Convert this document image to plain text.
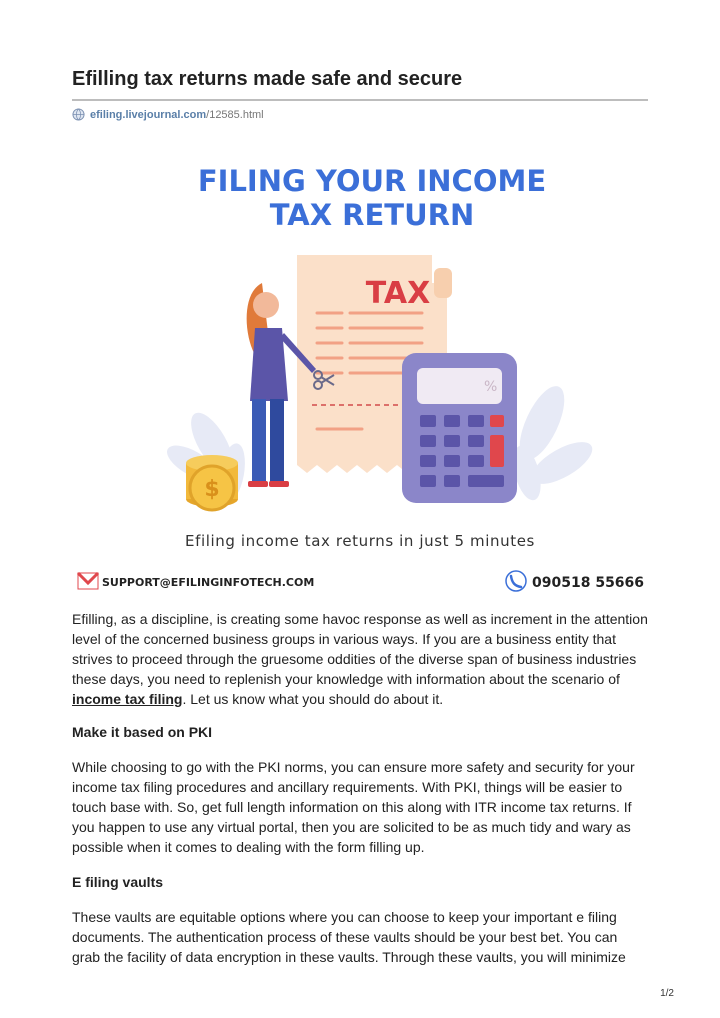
Efilling tax returns made safe and secure
efiling.livejournal.com /12585.html
FILING YOUR INCOME
TAX RETURN
TAX
%
$
Efiling income tax returns in just 5 minutes
SUPPORT@EFILINGINFOTECH.COM	090518 55666

Efilling, as a discipline, is creating some havoc response as well as increment in the attention level of the concerned business groups in various ways. If you are a business entity that strives to proceed through the gruesome oddities of the diverse span of business industries these days, you need to replenish your knowledge with information about the scenario of income tax filing. Let us know what you should do about it.

Make it based on PKI

While choosing to go with the PKI norms, you can ensure more safety and security for your income tax filing procedures and ancillary requirements. With PKI, things will be easier to touch base with. So, get full length information on this along with ITR income tax returns. If you happen to use any virtual portal, then you are solicited to be as much tidy and wary as possible when it comes to dealing with the form filling up.

E filing vaults

These vaults are equitable options where you can choose to keep your important e filing documents. The authentication process of these vaults should be your best bet. You can grab the facility of data encryption in these vaults. Through these vaults, you will minimize

1/2
